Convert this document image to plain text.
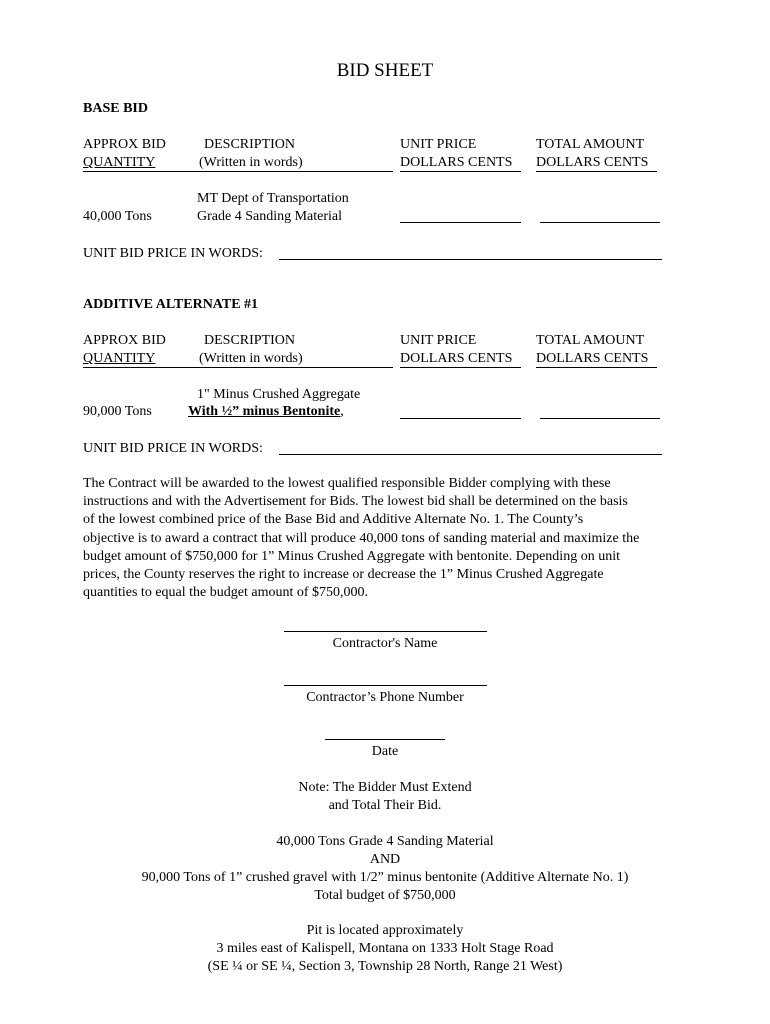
BID SHEET
BASE BID
APPROX BID
QUANTITY
DESCRIPTION
(Written in words)
UNIT PRICE
DOLLARS CENTS
TOTAL AMOUNT
DOLLARS CENTS
MT Dept of Transportation
40,000 Tons	Grade 4 Sanding Material
UNIT BID PRICE IN WORDS:
ADDITIVE ALTERNATE #1
APPROX BID
QUANTITY
DESCRIPTION
(Written in words)
UNIT PRICE
DOLLARS CENTS
TOTAL AMOUNT
DOLLARS CENTS
1" Minus Crushed Aggregate
90,000 Tons	With ½” minus Bentonite,
UNIT BID PRICE IN WORDS:
The Contract will be awarded to the lowest qualified responsible Bidder complying with these
instructions and with the Advertisement for Bids. The lowest bid shall be determined on the basis
of the lowest combined price of the Base Bid and Additive Alternate No. 1. The County’s
objective is to award a contract that will produce 40,000 tons of sanding material and maximize the
budget amount of $750,000 for 1” Minus Crushed Aggregate with bentonite. Depending on unit
prices, the County reserves the right to increase or decrease the 1” Minus Crushed Aggregate
quantities to equal the budget amount of $750,000.
Contractor's Name
Contractor’s Phone Number
Date
Note: The Bidder Must Extend
and Total Their Bid.
40,000 Tons Grade 4 Sanding Material
AND
90,000 Tons of 1” crushed gravel with 1/2” minus bentonite (Additive Alternate No. 1)
Total budget of $750,000
Pit is located approximately
3 miles east of Kalispell, Montana on 1333 Holt Stage Road
(SE ¼ or SE ¼, Section 3, Township 28 North, Range 21 West)
